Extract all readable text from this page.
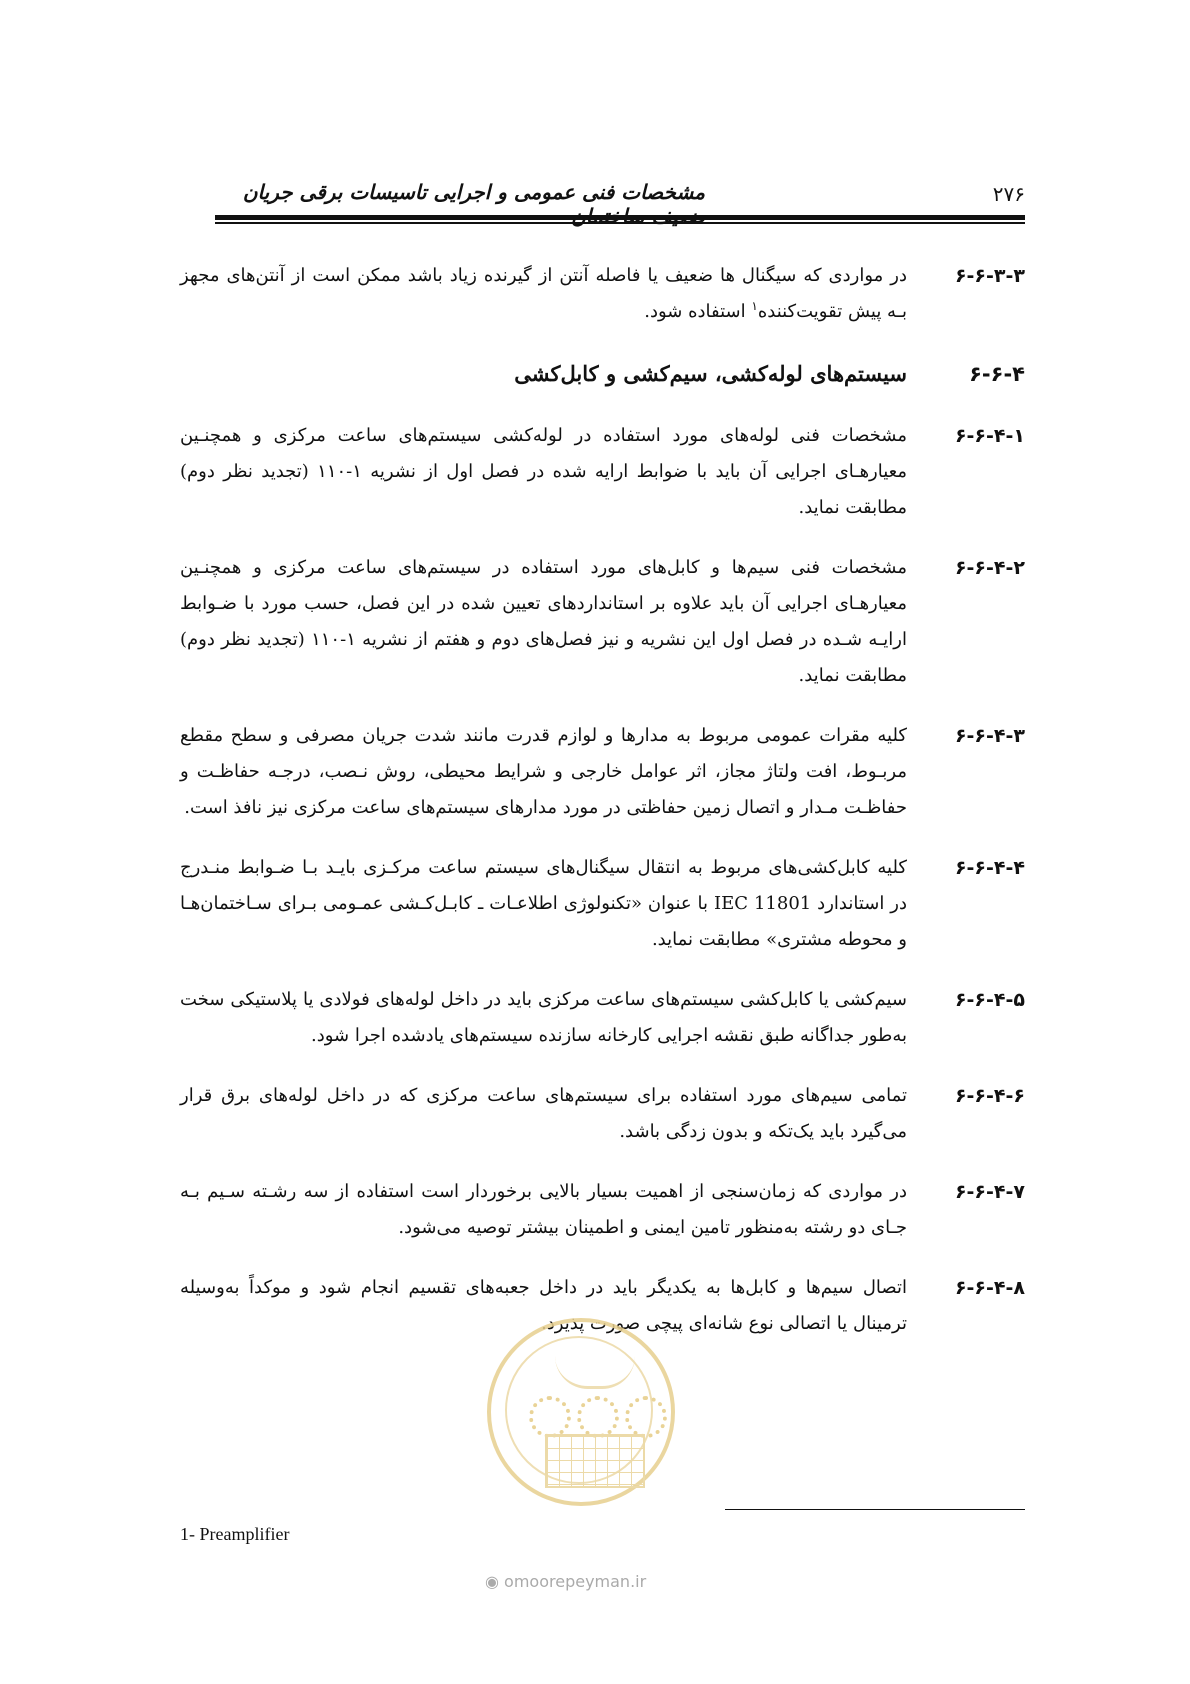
۲۷۶
مشخصات فنی عمومی و اجرایی تاسیسات برقی جریان
۶-۶-۳-۳
در مواردی که سیگنال ها ضعیف یا فاصله آنتن از گیرنده زیاد باشد ممکن است از آنتن‌های مجهز بـه پیش تقویت‌کننده$^۱$ استفاده شود.
۶-۶-۴
سیستم‌های لوله‌کشی، سیم‌کشی و کابل‌کشی
۶-۶-۴-۱
مشخصات فنی لوله‌های مورد استفاده در لوله‌کشی سیستم‌های ساعت مرکزی و همچنـین معیارهـای اجرایی آن باید با ضوابط ارایه شده در فصل اول از نشریه ۱-۱۱۰ (تجدید نظر دوم) مطابقت نماید.
۶-۶-۴-۲
مشخصات فنی سیم‌ها و کابل‌های مورد استفاده در سیستم‌های ساعت مرکزی و همچنـین معیارهـای اجرایی آن باید علاوه بر استانداردهای تعیین شده در این فصل، حسب مورد با ضـوابط ارایـه شـده در فصل اول این نشریه و نیز فصل‌های دوم و هفتم از نشریه ۱-۱۱۰ (تجدید نظر دوم) مطابقت نماید.
۶-۶-۴-۳
کلیه مقرات عمومی مربوط به مدارها و لوازم قدرت مانند شدت جریان مصرفی و سطح مقطع مربـوط، افت ولتاژ مجاز، اثر عوامل خارجی و شرایط محیطی، روش نـصب، درجـه حفاظـت و حفاظـت مـدار و اتصال زمین حفاظتی در مورد مدارهای سیستم‌های ساعت مرکزی نیز نافذ است.
۶-۶-۴-۴
کلیه کابل‌کشی‌های مربوط به انتقال سیگنال‌های سیستم ساعت مرکـزی بایـد بـا ضـوابط منـدرج در استاندارد IEC 11801 با عنوان «تکنولوژی اطلاعـات ـ کابـل‌کـشی عمـومی بـرای سـاختمان‌هـا و محوطه مشتری» مطابقت نماید.
۶-۶-۴-۵
سیم‌کشی یا کابل‌کشی سیستم‌های ساعت مرکزی باید در داخل لوله‌های فولادی یا پلاستیکی سخت به‌طور جداگانه طبق نقشه اجرایی کارخانه سازنده سیستم‌های یادشده اجرا شود.
۶-۶-۴-۶
تمامی سیم‌های مورد استفاده برای سیستم‌های ساعت مرکزی که در داخل لوله‌های برق قرار می‌گیرد باید یک‌تکه و بدون زدگی باشد.
۶-۶-۴-۷
در مواردی که زمان‌سنجی از اهمیت بسیار بالایی برخوردار است استفاده از سه رشـته سـیم بـه جـای دو رشته به‌منظور تامین ایمنی و اطمینان بیشتر توصیه می‌شود.
۶-۶-۴-۸
اتصال سیم‌ها و کابل‌ها به یکدیگر باید در داخل جعبه‌های تقسیم انجام شود و موکداً به‌وسیله ترمینال یا اتصالی نوع شانه‌ای پیچی صورت پذیرد.
1- Preamplifier
◉ omoorepeyman.ir
